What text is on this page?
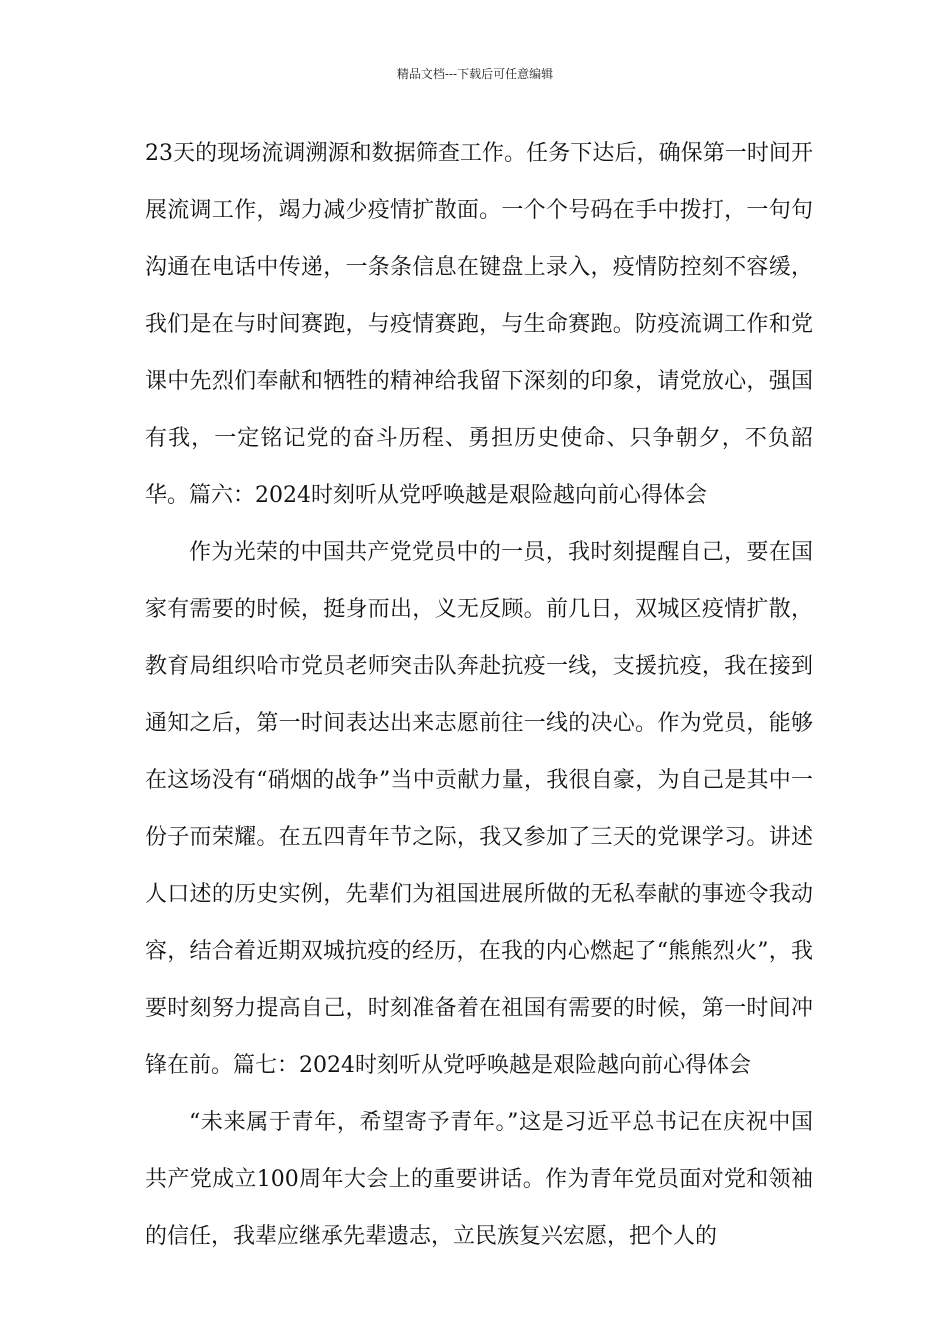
精品文档---下载后可任意编辑

23天的现场流调溯源和数据筛查工作。任务下达后，确保第一时间开展流调工作，竭力减少疫情扩散面。一个个号码在手中拨打，一句句沟通在电话中传递，一条条信息在键盘上录入，疫情防控刻不容缓，我们是在与时间赛跑，与疫情赛跑，与生命赛跑。防疫流调工作和党课中先烈们奉献和牺牲的精神给我留下深刻的印象，请党放心，强国有我，一定铭记党的奋斗历程、勇担历史使命、只争朝夕，不负韶华。篇六：2024时刻听从党呼唤越是艰险越向前心得体会

作为光荣的中国共产党党员中的一员，我时刻提醒自己，要在国家有需要的时候，挺身而出，义无反顾。前几日，双城区疫情扩散，教育局组织哈市党员老师突击队奔赴抗疫一线，支援抗疫，我在接到通知之后，第一时间表达出来志愿前往一线的决心。作为党员，能够在这场没有“硝烟的战争”当中贡献力量，我很自豪，为自己是其中一份子而荣耀。在五四青年节之际，我又参加了三天的党课学习。讲述人口述的历史实例，先辈们为祖国进展所做的无私奉献的事迹令我动容，结合着近期双城抗疫的经历，在我的内心燃起了“熊熊烈火”，我要时刻努力提高自己，时刻准备着在祖国有需要的时候，第一时间冲锋在前。篇七：2024时刻听从党呼唤越是艰险越向前心得体会

“未来属于青年，希望寄予青年。”这是习近平总书记在庆祝中国共产党成立100周年大会上的重要讲话。作为青年党员面对党和领袖的信任，我辈应继承先辈遗志，立民族复兴宏愿，把个人的
